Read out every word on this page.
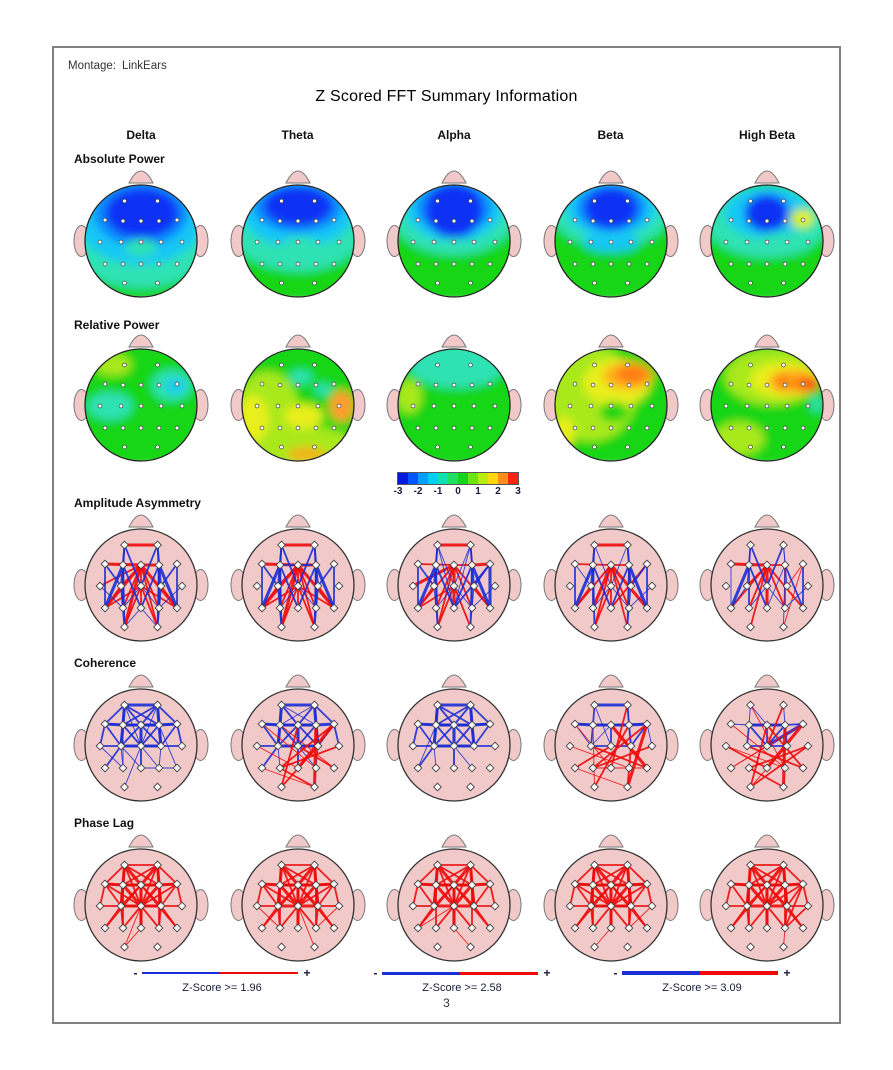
Montage: LinkEars
Z Scored FFT Summary Information
Delta	Theta	Alpha	Beta	High Beta
Absolute Power
Relative Power
Amplitude Asymmetry
Coherence
Phase Lag
-3	-2	-1	0	1	2	3
-	+
Z-Score >= 1.96
-	+
Z-Score >= 2.58
-	+
Z-Score >= 3.09
3
